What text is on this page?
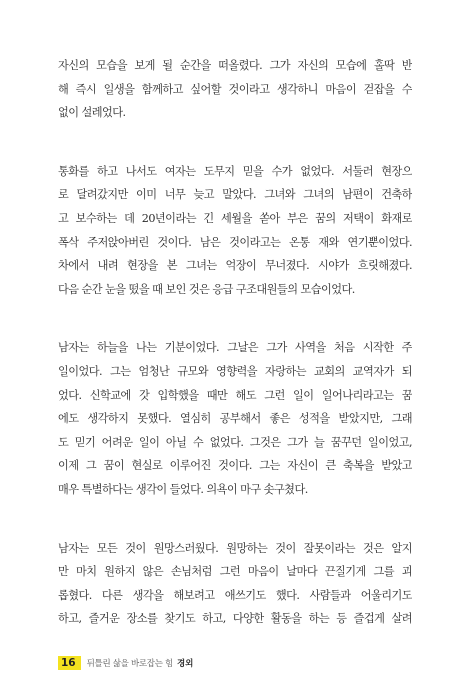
자신의 모습을 보게 될 순간을 떠올렸다. 그가 자신의 모습에 홀딱 반
해 즉시 일생을 함께하고 싶어할 것이라고 생각하니 마음이 걷잡을 수
없이 설레었다.

통화를 하고 나서도 여자는 도무지 믿을 수가 없었다. 서둘러 현장으
로 달려갔지만 이미 너무 늦고 말았다. 그녀와 그녀의 남편이 건축하
고 보수하는 데 20년이라는 긴 세월을 쏟아 부은 꿈의 저택이 화재로
폭삭 주저앉아버린 것이다. 남은 것이라고는 온통 재와 연기뿐이었다.
차에서 내려 현장을 본 그녀는 억장이 무너졌다. 시야가 흐릿해졌다.
다음 순간 눈을 떴을 때 보인 것은 응급 구조대원들의 모습이었다.

남자는 하늘을 나는 기분이었다. 그날은 그가 사역을 처음 시작한 주
일이었다. 그는 엄청난 규모와 영향력을 자랑하는 교회의 교역자가 되
었다. 신학교에 갓 입학했을 때만 해도 그런 일이 일어나리라고는 꿈
에도 생각하지 못했다. 열심히 공부해서 좋은 성적을 받았지만, 그래
도 믿기 어려운 일이 아닐 수 없었다. 그것은 그가 늘 꿈꾸던 일이었고,
이제 그 꿈이 현실로 이루어진 것이다. 그는 자신이 큰 축복을 받았고
매우 특별하다는 생각이 들었다. 의욕이 마구 솟구쳤다.

남자는 모든 것이 원망스러웠다. 원망하는 것이 잘못이라는 것은 알지
만 마치 원하지 않은 손님처럼 그런 마음이 날마다 끈질기게 그를 괴
롭혔다. 다른 생각을 해보려고 애쓰기도 했다. 사람들과 어울리기도
하고, 즐거운 장소를 찾기도 하고, 다양한 활동을 하는 등 즐겁게 살려

16	뒤틀린 삶을 바로잡는 힘 경외
